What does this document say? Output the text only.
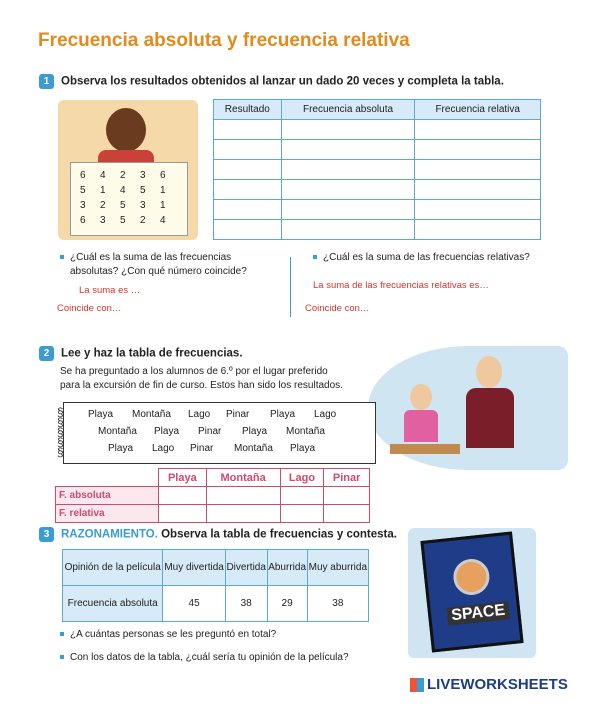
Frecuencia absoluta y frecuencia relativa
1 Observa los resultados obtenidos al lanzar un dado 20 veces y completa la tabla.
6 4 2 3 6
5 1 4 5 1
3 2 5 3 1
6 3 5 2 4
Resultado	Frecuencia absoluta	Frecuencia relativa

¿Cuál es la suma de las frecuencias
absolutas? ¿Con qué número coincide?
La suma es …
Coincide con…
¿Cuál es la suma de las frecuencias relativas?
La suma de las frecuencias relativas es…
Coincide con…
2 Lee y haz la tabla de frecuencias.
Se ha preguntado a los alumnos de 6.º por el lugar preferido
para la excursión de fin de curso. Estos han sido los resultados.
§
§
§
§
§
Playa Montaña Lago Pinar Playa Lago
Montaña Playa Pinar Playa Montaña
Playa Lago Pinar Montaña Playa
	Playa	Montaña	Lago	Pinar
F. absoluta				
F. relativa				
3 RAZONAMIENTO. Observa la tabla de frecuencias y contesta.
Opinión de la película	Muy divertida	Divertida	Aburrida	Muy aburrida
Frecuencia absoluta	45	38	29	38	SPACE
¿A cuántas personas se les preguntó en total?
Con los datos de la tabla, ¿cuál sería tu opinión de la película?
LIVEWORKSHEETS
